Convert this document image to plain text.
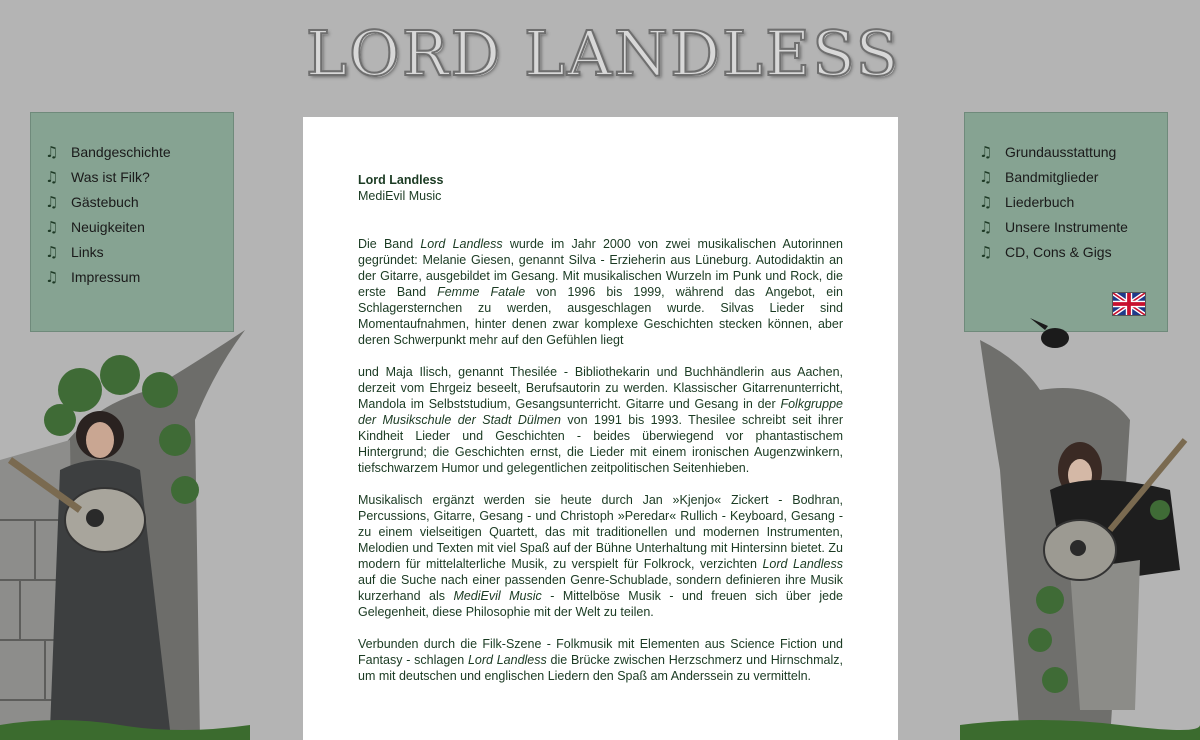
LORD LANDLESS
♫ Bandgeschichte
♫ Was ist Filk?
♫ Gästebuch
♫ Neuigkeiten
♫ Links
♫ Impressum
♫ Grundausstattung
♫ Bandmitglieder
♫ Liederbuch
♫ Unsere Instrumente
♫ CD, Cons & Gigs
Lord Landless
MediEvil Music

Die Band Lord Landless wurde im Jahr 2000 von zwei musikalischen Autorinnen gegründet: Melanie Giesen, genannt Silva - Erzieherin aus Lüneburg. Autodidaktin an der Gitarre, ausgebildet im Gesang. Mit musikalischen Wurzeln im Punk und Rock, die erste Band Femme Fatale von 1996 bis 1999, während das Angebot, ein Schlagersternchen zu werden, ausgeschlagen wurde. Silvas Lieder sind Momentaufnahmen, hinter denen zwar komplexe Geschichten stecken können, aber deren Schwerpunkt mehr auf den Gefühlen liegt

und Maja Ilisch, genannt Thesilée - Bibliothekarin und Buchhändlerin aus Aachen, derzeit vom Ehrgeiz beseelt, Berufsautorin zu werden. Klassischer Gitarrenunterricht, Mandola im Selbststudium, Gesangsunterricht. Gitarre und Gesang in der Folkgruppe der Musikschule der Stadt Dülmen von 1991 bis 1993. Thesilee schreibt seit ihrer Kindheit Lieder und Geschichten - beides überwiegend vor phantastischem Hintergrund; die Geschichten ernst, die Lieder mit einem ironischen Augenzwinkern, tiefschwarzem Humor und gelegentlichen zeitpolitischen Seitenhieben.

Musikalisch ergänzt werden sie heute durch Jan »Kjenjo« Zickert - Bodhran, Percussions, Gitarre, Gesang - und Christoph »Peredar« Rullich - Keyboard, Gesang - zu einem vielseitigen Quartett, das mit traditionellen und modernen Instrumenten, Melodien und Texten mit viel Spaß auf der Bühne Unterhaltung mit Hintersinn bietet. Zu modern für mittelalterliche Musik, zu verspielt für Folkrock, verzichten Lord Landless auf die Suche nach einer passenden Genre-Schublade, sondern definieren ihre Musik kurzerhand als MediEvil Music - Mittelböse Musik - und freuen sich über jede Gelegenheit, diese Philosophie mit der Welt zu teilen.

Verbunden durch die Filk-Szene - Folkmusik mit Elementen aus Science Fiction und Fantasy - schlagen Lord Landless die Brücke zwischen Herzschmerz und Hirnschmalz, um mit deutschen und englischen Liedern den Spaß am Anderssein zu vermitteln.
